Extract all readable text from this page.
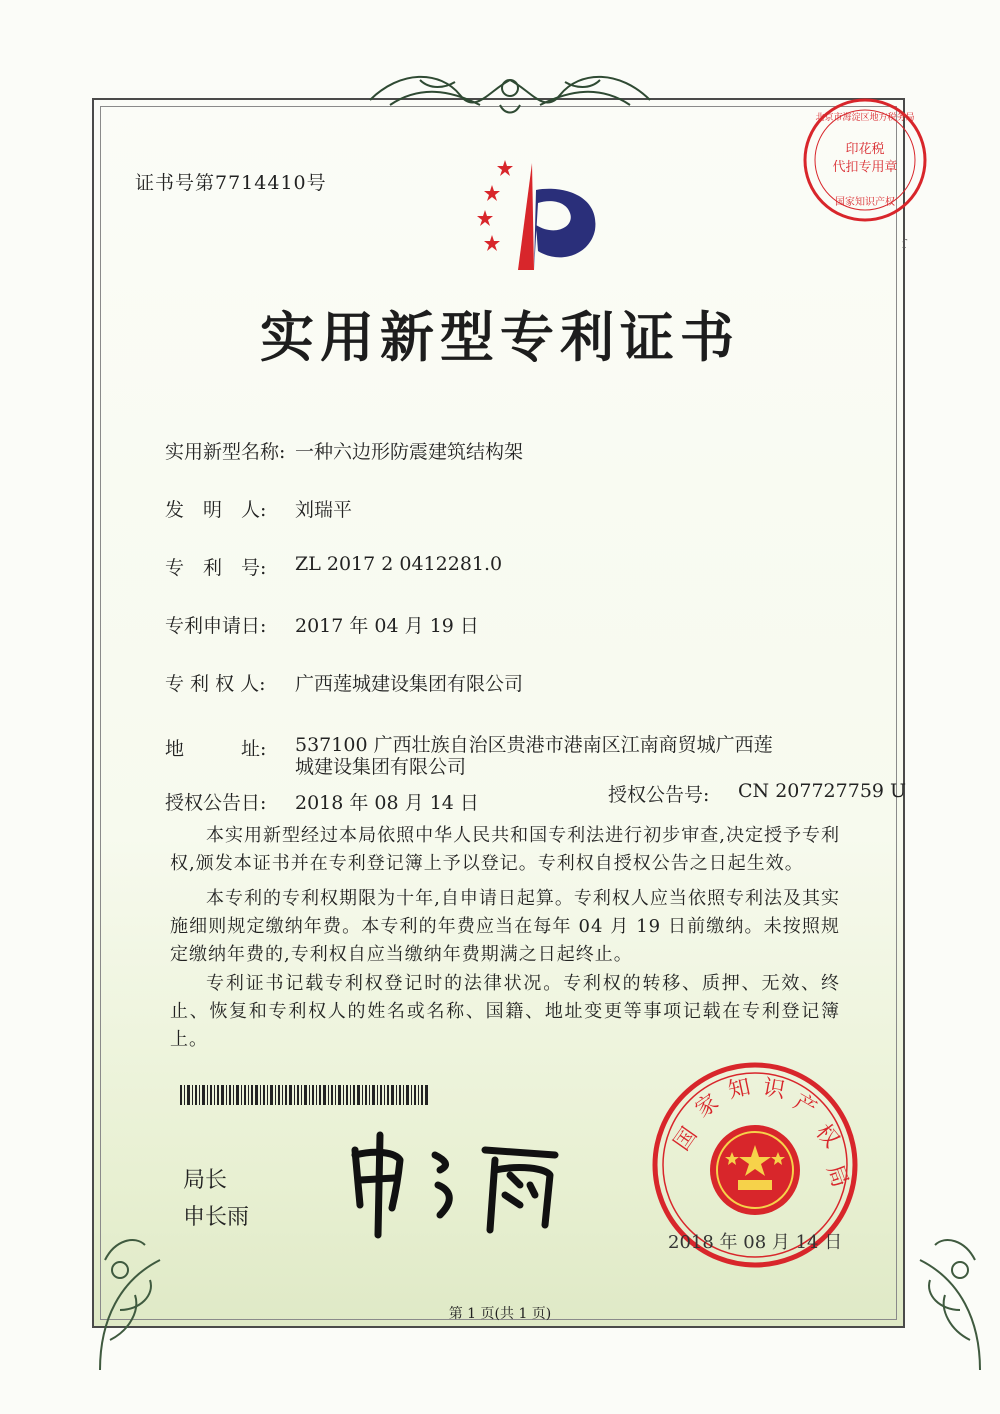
证书号第7714410号
印花税
代扣专用章
国家知识产权
北京市海淀区地方税务局
ſ
实用新型专利证书
实用新型名称: 一种六边形防震建筑结构架
发　明　人: 刘瑞平
专　利　号: ZL 2017 2 0412281.0
专利申请日: 2017 年 04 月 19 日
专 利 权 人: 广西莲城建设集团有限公司
地　　　址: 537100 广西壮族自治区贵港市港南区江南商贸城广西莲城建设集团有限公司
授权公告日: 2018 年 08 月 14 日	授权公告号: CN 207727759 U
本实用新型经过本局依照中华人民共和国专利法进行初步审查,决定授予专利权,颁发本证书并在专利登记簿上予以登记。专利权自授权公告之日起生效。
本专利的专利权期限为十年,自申请日起算。专利权人应当依照专利法及其实施细则规定缴纳年费。本专利的年费应当在每年 04 月 19 日前缴纳。未按照规定缴纳年费的,专利权自应当缴纳年费期满之日起终止。
专利证书记载专利权登记时的法律状况。专利权的转移、质押、无效、终止、恢复和专利权人的姓名或名称、国籍、地址变更等事项记载在专利登记簿上。
局长
申长雨
国
家
知 识
产
权
局
2018 年 08 月 14 日
第 1 页(共 1 页)
